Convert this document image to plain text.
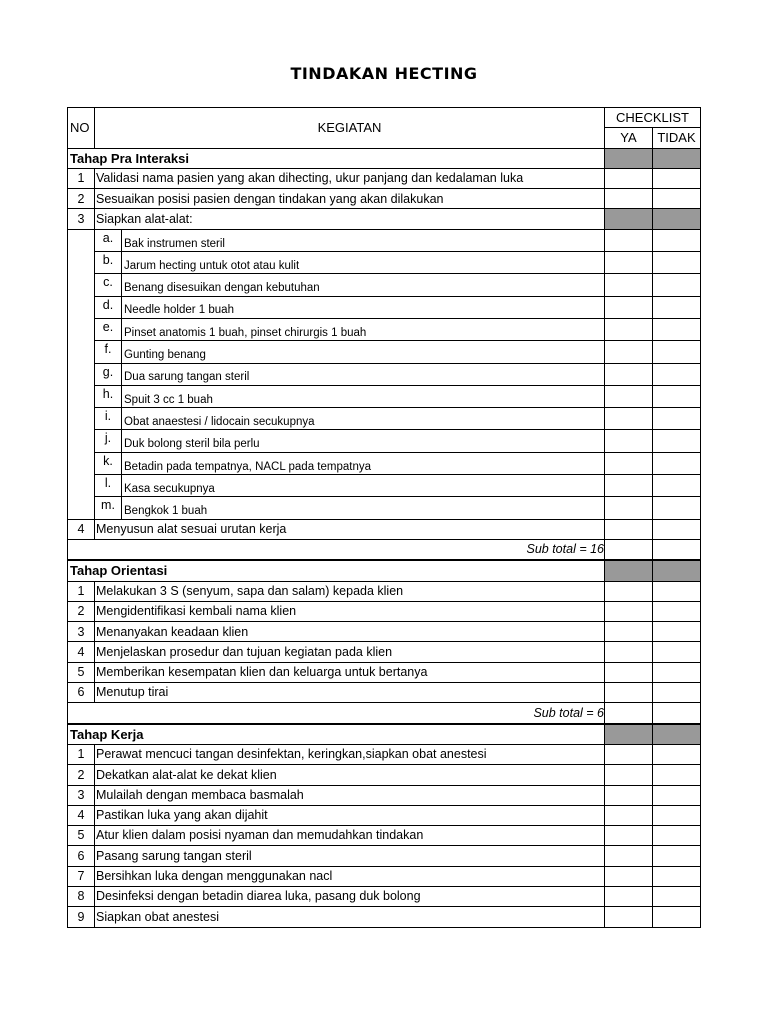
TINDAKAN HECTING
NO	KEGIATAN		CHECKLIST	
			YA	TIDAK
Tahap Pra Interaksi				
1	Validasi nama pasien yang akan dihecting, ukur panjang dan kedalaman luka			
2	Sesuaikan posisi pasien dengan tindakan yang akan dilakukan			
3	Siapkan alat-alat:			
	a.	Bak instrumen steril		
	b.	Jarum hecting untuk otot atau kulit		
	c.	Benang disesuikan dengan kebutuhan		
	d.	Needle holder 1 buah		
	e.	Pinset anatomis 1 buah, pinset chirurgis 1 buah		
	f.	Gunting benang		
	g.	Dua sarung tangan steril		
	h.	Spuit 3 cc 1 buah		
	i.	Obat anaestesi / lidocain secukupnya		
	j.	Duk bolong steril bila perlu		
	k.	Betadin pada tempatnya, NACL pada tempatnya		
	l.	Kasa secukupnya		
	m.	Bengkok 1 buah		
4	Menyusun alat sesuai urutan kerja			
Sub total = 16				
Tahap Orientasi				
1	Melakukan 3 S (senyum, sapa dan salam) kepada klien			
2	Mengidentifikasi kembali nama klien			
3	Menanyakan keadaan klien			
4	Menjelaskan prosedur dan tujuan kegiatan pada klien			
5	Memberikan kesempatan klien dan keluarga untuk bertanya			
6	Menutup tirai			
Sub total = 6				
Tahap Kerja				
1	Perawat mencuci tangan desinfektan, keringkan,siapkan obat anestesi			
2	Dekatkan alat-alat ke dekat klien			
3	Mulailah dengan membaca basmalah			
4	Pastikan luka yang akan dijahit			
5	Atur klien dalam posisi nyaman dan memudahkan tindakan			
6	Pasang sarung tangan steril			
7	Bersihkan luka dengan menggunakan nacl			
8	Desinfeksi dengan betadin diarea luka, pasang duk bolong			
9	Siapkan obat anestesi			
